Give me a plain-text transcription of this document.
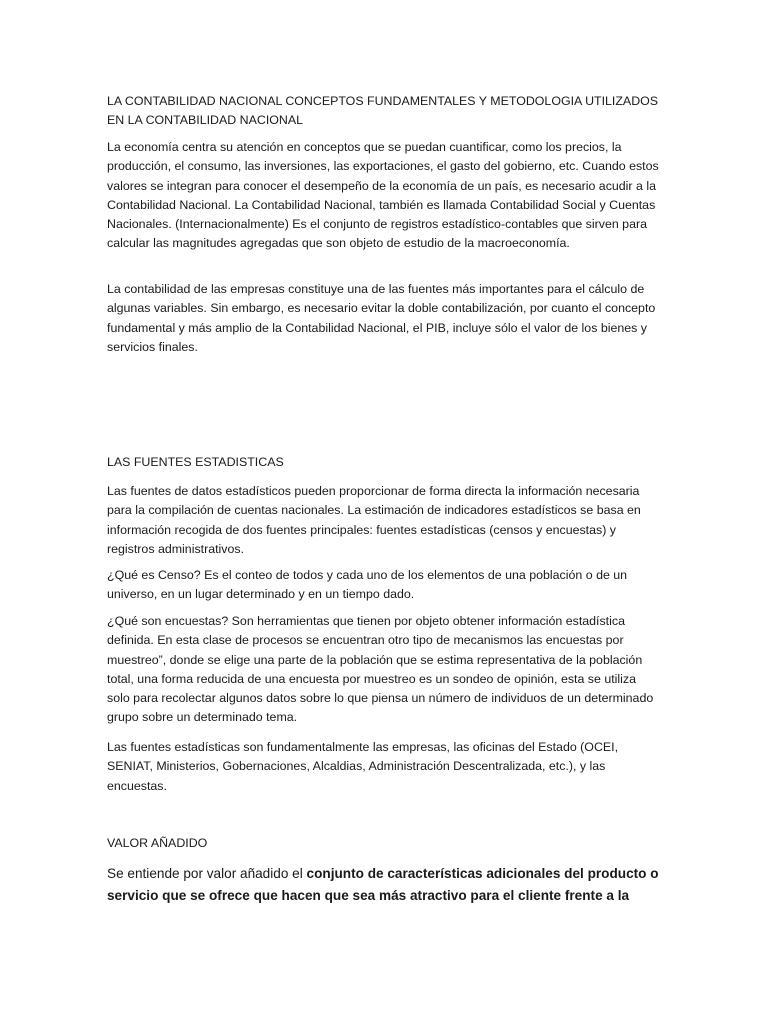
LA CONTABILIDAD NACIONAL CONCEPTOS FUNDAMENTALES Y METODOLOGIA UTILIZADOS EN LA CONTABILIDAD NACIONAL

La economía centra su atención en conceptos que se puedan cuantificar, como los precios, la producción, el consumo, las inversiones, las exportaciones, el gasto del gobierno, etc. Cuando estos valores se integran para conocer el desempeño de la economía de un país, es necesario acudir a la Contabilidad Nacional. La Contabilidad Nacional, también es llamada Contabilidad Social y Cuentas Nacionales. (Internacionalmente) Es el conjunto de registros estadístico-contables que sirven para calcular las magnitudes agregadas que son objeto de estudio de la macroeconomía.

La contabilidad de las empresas constituye una de las fuentes más importantes para el cálculo de algunas variables. Sin embargo, es necesario evitar la doble contabilización, por cuanto el concepto fundamental y más amplio de la Contabilidad Nacional, el PIB, incluye sólo el valor de los bienes y servicios finales.

LAS FUENTES ESTADISTICAS

Las fuentes de datos estadísticos pueden proporcionar de forma directa la información necesaria para la compilación de cuentas nacionales. La estimación de indicadores estadísticos se basa en información recogida de dos fuentes principales: fuentes estadísticas (censos y encuestas) y registros administrativos.

¿Qué es Censo? Es el conteo de todos y cada uno de los elementos de una población o de un universo, en un lugar determinado y en un tiempo dado.

¿Qué son encuestas? Son herramientas que tienen por objeto obtener información estadística definida. En esta clase de procesos se encuentran otro tipo de mecanismos las encuestas por muestreo”, donde se elige una parte de la población que se estima representativa de la población total, una forma reducida de una encuesta por muestreo es un sondeo de opinión, esta se utiliza solo para recolectar algunos datos sobre lo que piensa un número de individuos de un determinado grupo sobre un determinado tema.

Las fuentes estadísticas son fundamentalmente las empresas, las oficinas del Estado (OCEI, SENIAT, Ministerios, Gobernaciones, Alcaldias, Administración Descentralizada, etc.), y las encuestas.

VALOR AÑADIDO

Se entiende por valor añadido el conjunto de características adicionales del producto o servicio que se ofrece que hacen que sea más atractivo para el cliente frente a la
